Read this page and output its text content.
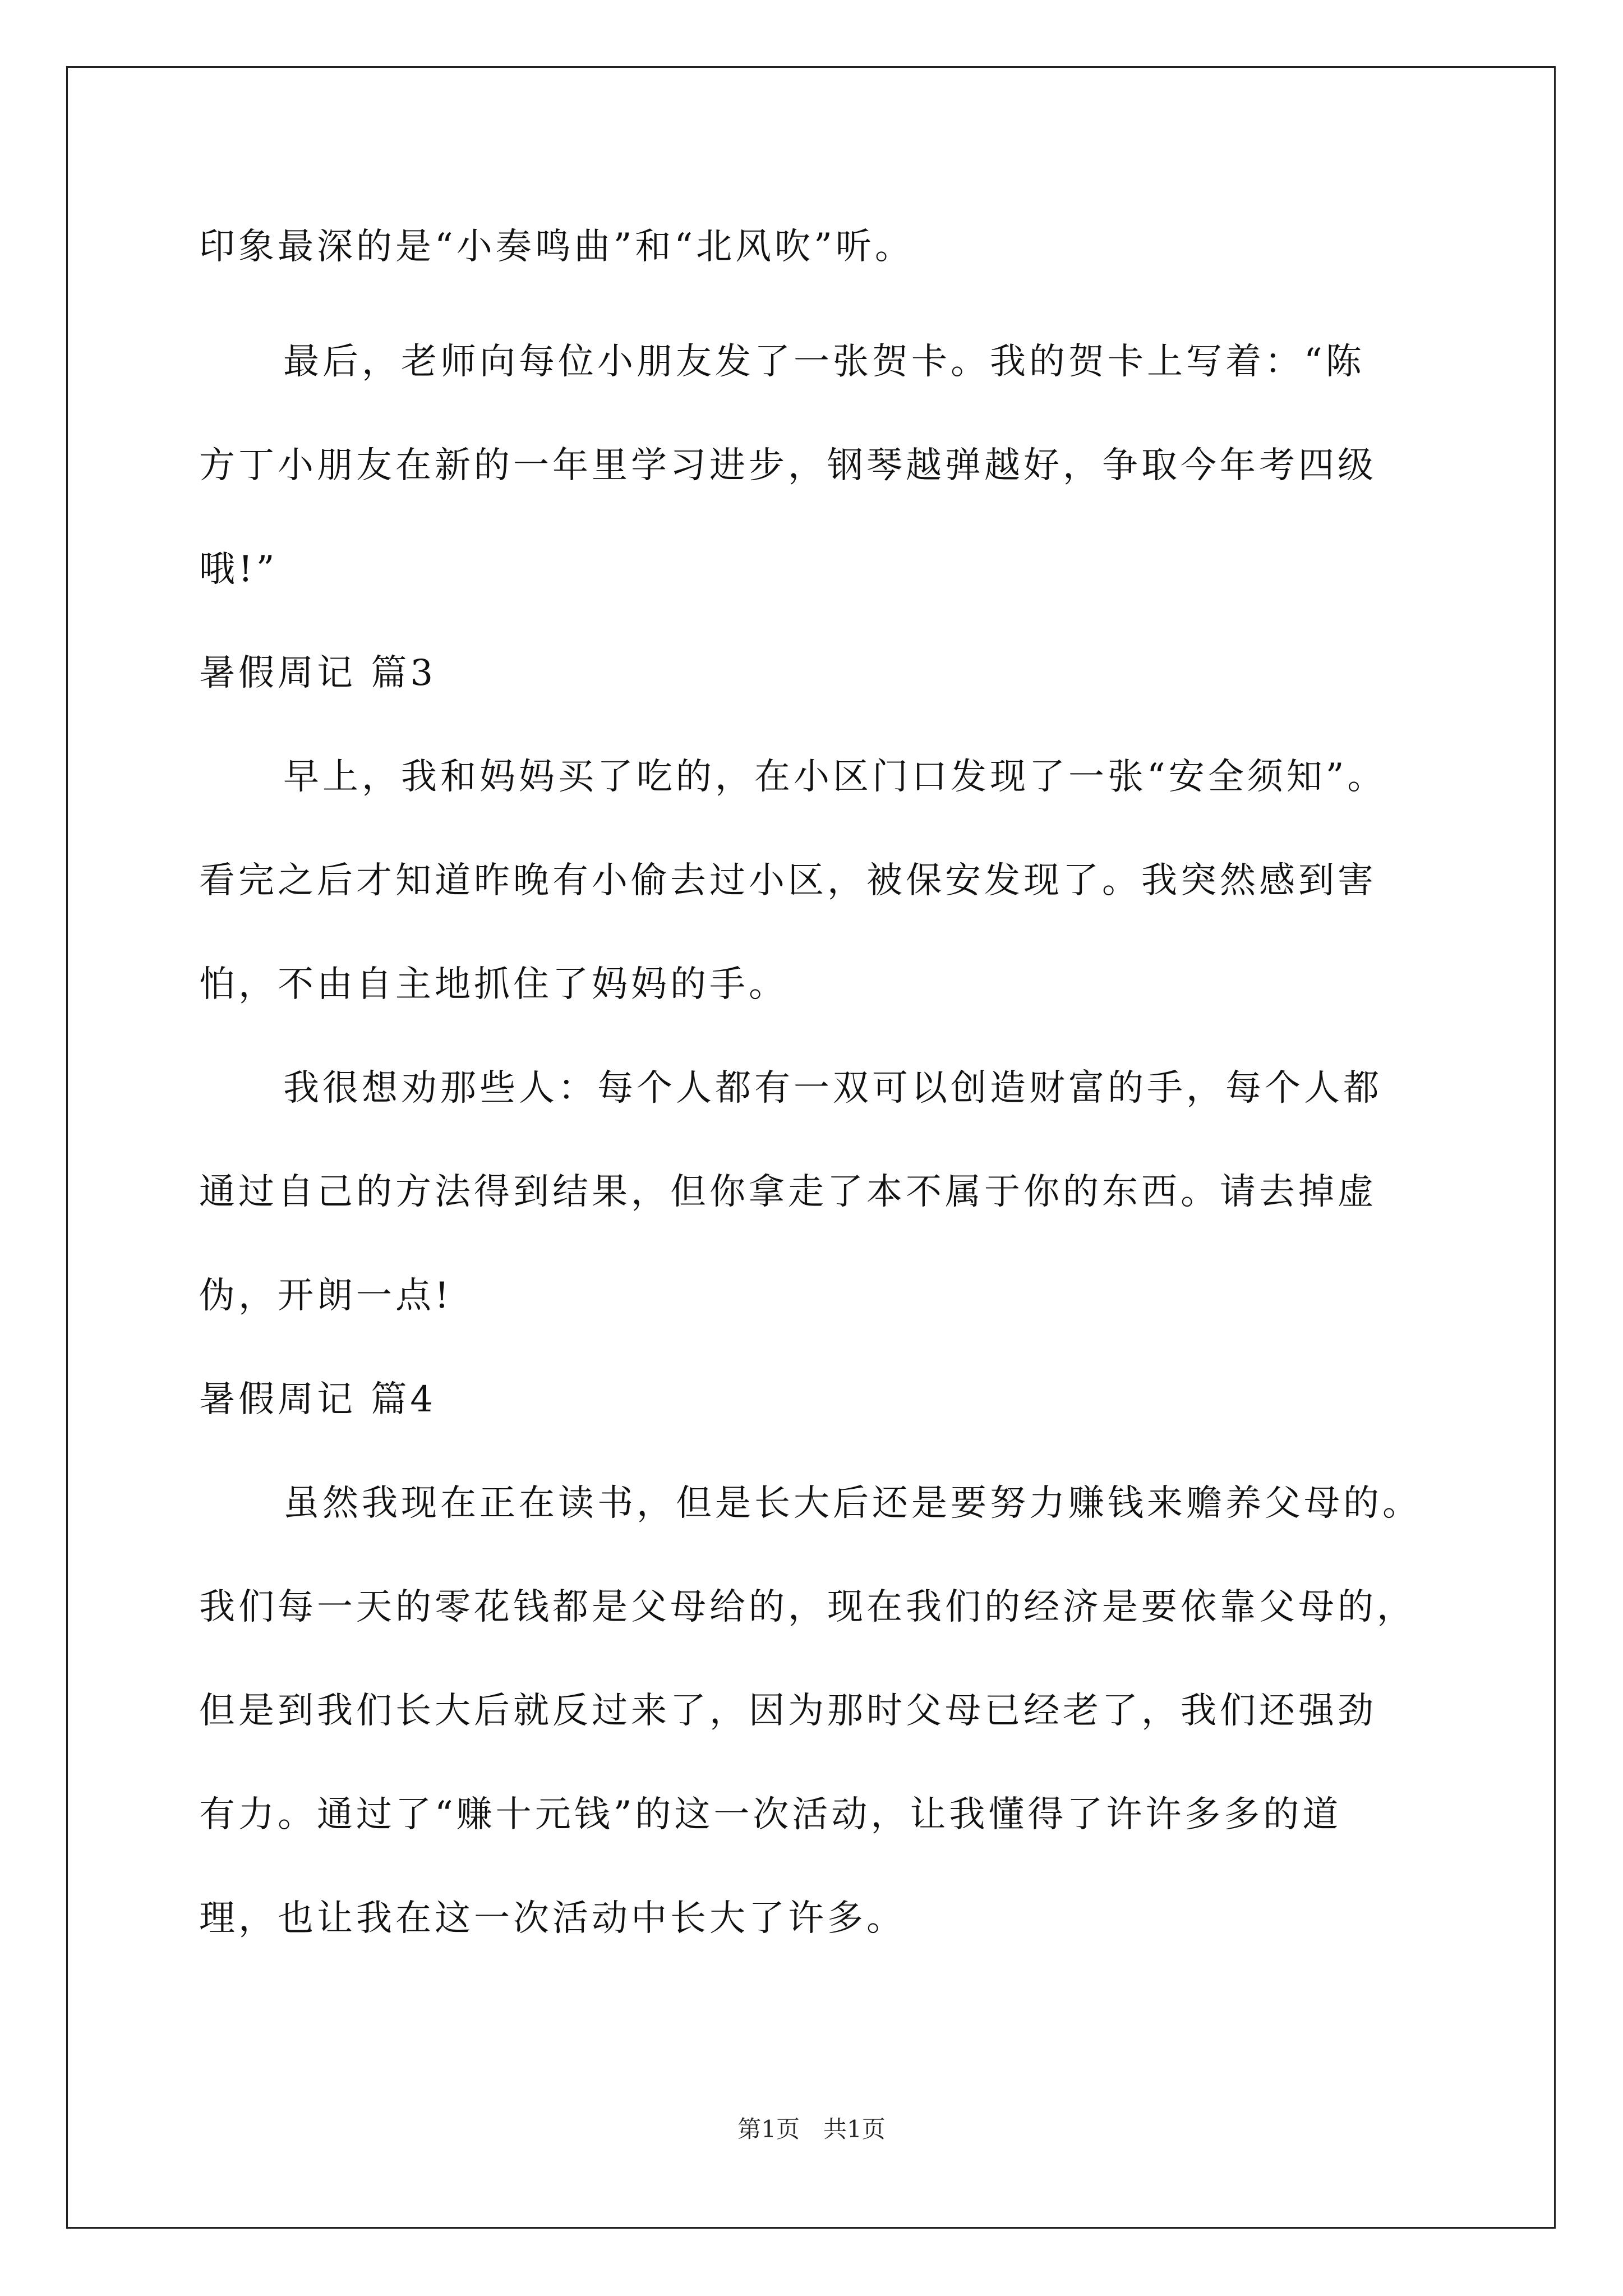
印象最深的是“小奏鸣曲”和“北风吹”听。
最后，老师向每位小朋友发了一张贺卡。我的贺卡上写着：“陈
方丁小朋友在新的一年里学习进步，钢琴越弹越好，争取今年考四级
哦!”
暑假周记 篇3
早上，我和妈妈买了吃的，在小区门口发现了一张“安全须知”。
看完之后才知道昨晚有小偷去过小区，被保安发现了。我突然感到害
怕，不由自主地抓住了妈妈的手。
我很想劝那些人：每个人都有一双可以创造财富的手，每个人都
通过自己的方法得到结果，但你拿走了本不属于你的东西。请去掉虚
伪，开朗一点!
暑假周记 篇4
虽然我现在正在读书，但是长大后还是要努力赚钱来赡养父母的。
我们每一天的零花钱都是父母给的，现在我们的经济是要依靠父母的，
但是到我们长大后就反过来了，因为那时父母已经老了，我们还强劲
有力。通过了“赚十元钱”的这一次活动，让我懂得了许许多多的道
理，也让我在这一次活动中长大了许多。
第1页　共1页
